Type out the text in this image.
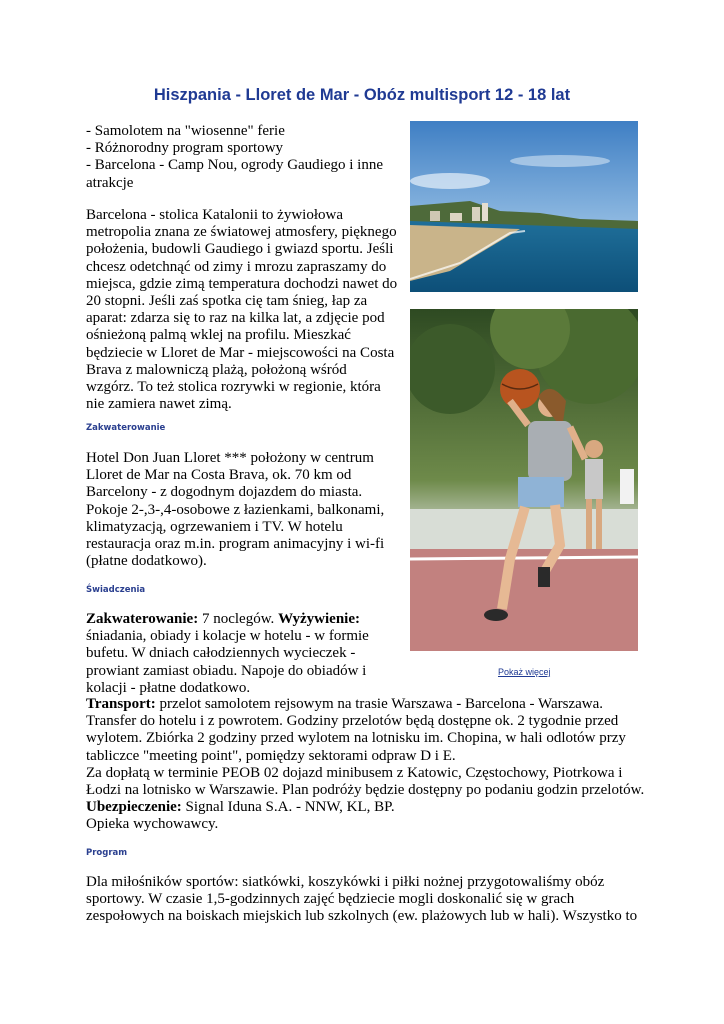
Hiszpania - Lloret de Mar - Obóz multisport 12 - 18 lat

- Samolotem na "wiosenne" ferie

- Różnorodny program sportowy

- Barcelona - Camp Nou, ogrody Gaudiego i inne atrakcje

Barcelona - stolica Katalonii to żywiołowa metropolia znana ze światowej atmosfery, pięknego położenia, budowli Gaudiego i gwiazd sportu. Jeśli chcesz odetchnąć od zimy i mrozu zapraszamy do miejsca, gdzie zimą temperatura dochodzi nawet do 20 stopni. Jeśli zaś spotka cię tam śnieg, łap za aparat: zdarza się to raz na kilka lat, a zdjęcie pod ośnieżoną palmą wklej na profilu. Mieszkać będziecie w Lloret de Mar - miejscowości na Costa Brava z malowniczą plażą, położoną wśród wzgórz. To też stolica rozrywki w regionie, która nie zamiera nawet zimą.
Zakwaterowanie
Hotel Don Juan Lloret *** położony w centrum Lloret de Mar na Costa Brava, ok. 70 km od Barcelony - z dogodnym dojazdem do miasta. Pokoje 2-,3-,4-osobowe z łazienkami, balkonami, klimatyzacją, ogrzewaniem i TV. W hotelu restauracja oraz m.in. program animacyjny i wi-fi (płatne dodatkowo).
Świadczenia
Zakwaterowanie: 7 noclegów. Wyżywienie: śniadania, obiady i kolacje w hotelu - w formie bufetu. W dniach całodziennych wycieczek - prowiant zamiast obiadu. Napoje do obiadów i kolacji - płatne dodatkowo.

Transport: przelot samolotem rejsowym na trasie Warszawa - Barcelona - Warszawa. Transfer do hotelu i z powrotem. Godziny przelotów będą dostępne ok. 2 tygodnie przed wylotem. Zbiórka 2 godziny przed wylotem na lotnisku im. Chopina, w hali odlotów przy tabliczce "meeting point", pomiędzy sektorami odpraw D i E.

Za dopłatą w terminie PEOB 02 dojazd minibusem z Katowic, Częstochowy, Piotrkowa i Łodzi na lotnisko w Warszawie. Plan podróży będzie dostępny po podaniu godzin przelotów.

Ubezpieczenie: Signal Iduna S.A. - NNW, KL, BP.

Opieka wychowawcy.

Program
Dla miłośników sportów: siatkówki, koszykówki i piłki nożnej przygotowaliśmy obóz sportowy. W czasie 1,5-godzinnych zajęć będziecie mogli doskonalić się w grach zespołowych na boiskach miejskich lub szkolnych (ew. plażowych lub w hali). Wszystko to
Pokaż więcej
